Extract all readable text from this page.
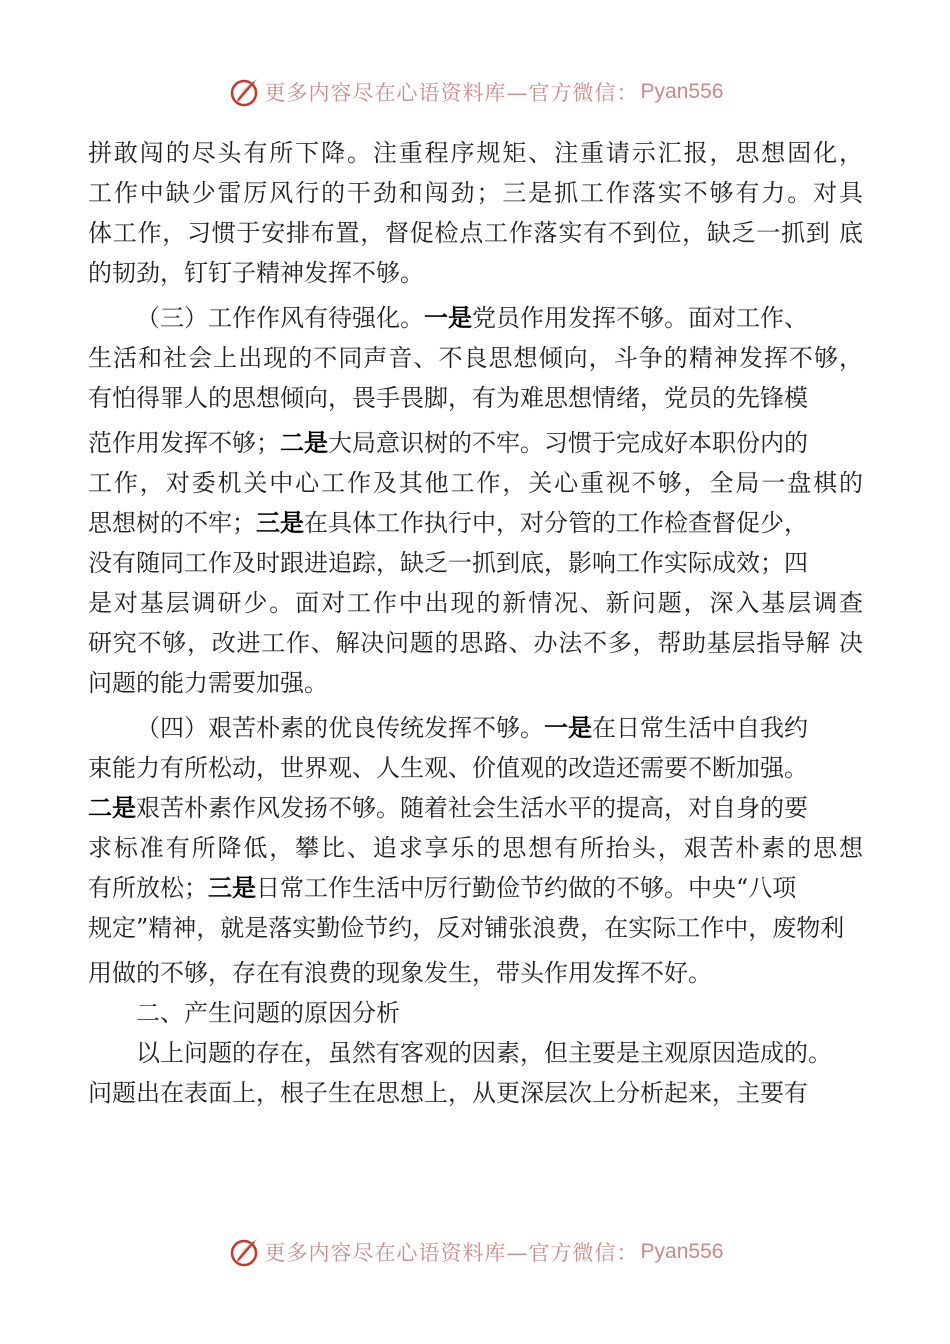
更多内容尽在心语资料库—官方微信： Pyan556
拼敢闯的尽头有所下降。注重程序规矩、注重请示汇报，思想固化，
工作中缺少雷厉风行的干劲和闯劲；三是抓工作落实不够有力。对具
体工作，习惯于安排布置，督促检点工作落实有不到位，缺乏一抓到 底
的韧劲，钉钉子精神发挥不够。
（三）工作作风有待强化。一是党员作用发挥不够。面对工作、
生活和社会上出现的不同声音、不良思想倾向，斗争的精神发挥不够，
有怕得罪人的思想倾向，畏手畏脚，有为难思想情绪，党员的先锋模
范作用发挥不够；二是大局意识树的不牢。习惯于完成好本职份内的
工作，对委机关中心工作及其他工作，关心重视不够，全局一盘棋的
思想树的不牢；三是在具体工作执行中，对分管的工作检查督促少，
没有随同工作及时跟进追踪，缺乏一抓到底，影响工作实际成效；四
是对基层调研少。面对工作中出现的新情况、新问题，深入基层调查
研究不够，改进工作、解决问题的思路、办法不多，帮助基层指导解 决
问题的能力需要加强。
（四）艰苦朴素的优良传统发挥不够。一是在日常生活中自我约
束能力有所松动，世界观、人生观、价值观的改造还需要不断加强。
二是艰苦朴素作风发扬不够。随着社会生活水平的提高，对自身的要
求标准有所降低，攀比、追求享乐的思想有所抬头，艰苦朴素的思想
有所放松；三是日常工作生活中厉行勤俭节约做的不够。中央“八项
规定”精神，就是落实勤俭节约，反对铺张浪费，在实际工作中，废物利
用做的不够，存在有浪费的现象发生，带头作用发挥不好。
二、产生问题的原因分析
以上问题的存在，虽然有客观的因素，但主要是主观原因造成的。
问题出在表面上，根子生在思想上，从更深层次上分析起来，主要有
更多内容尽在心语资料库—官方微信： Pyan556
